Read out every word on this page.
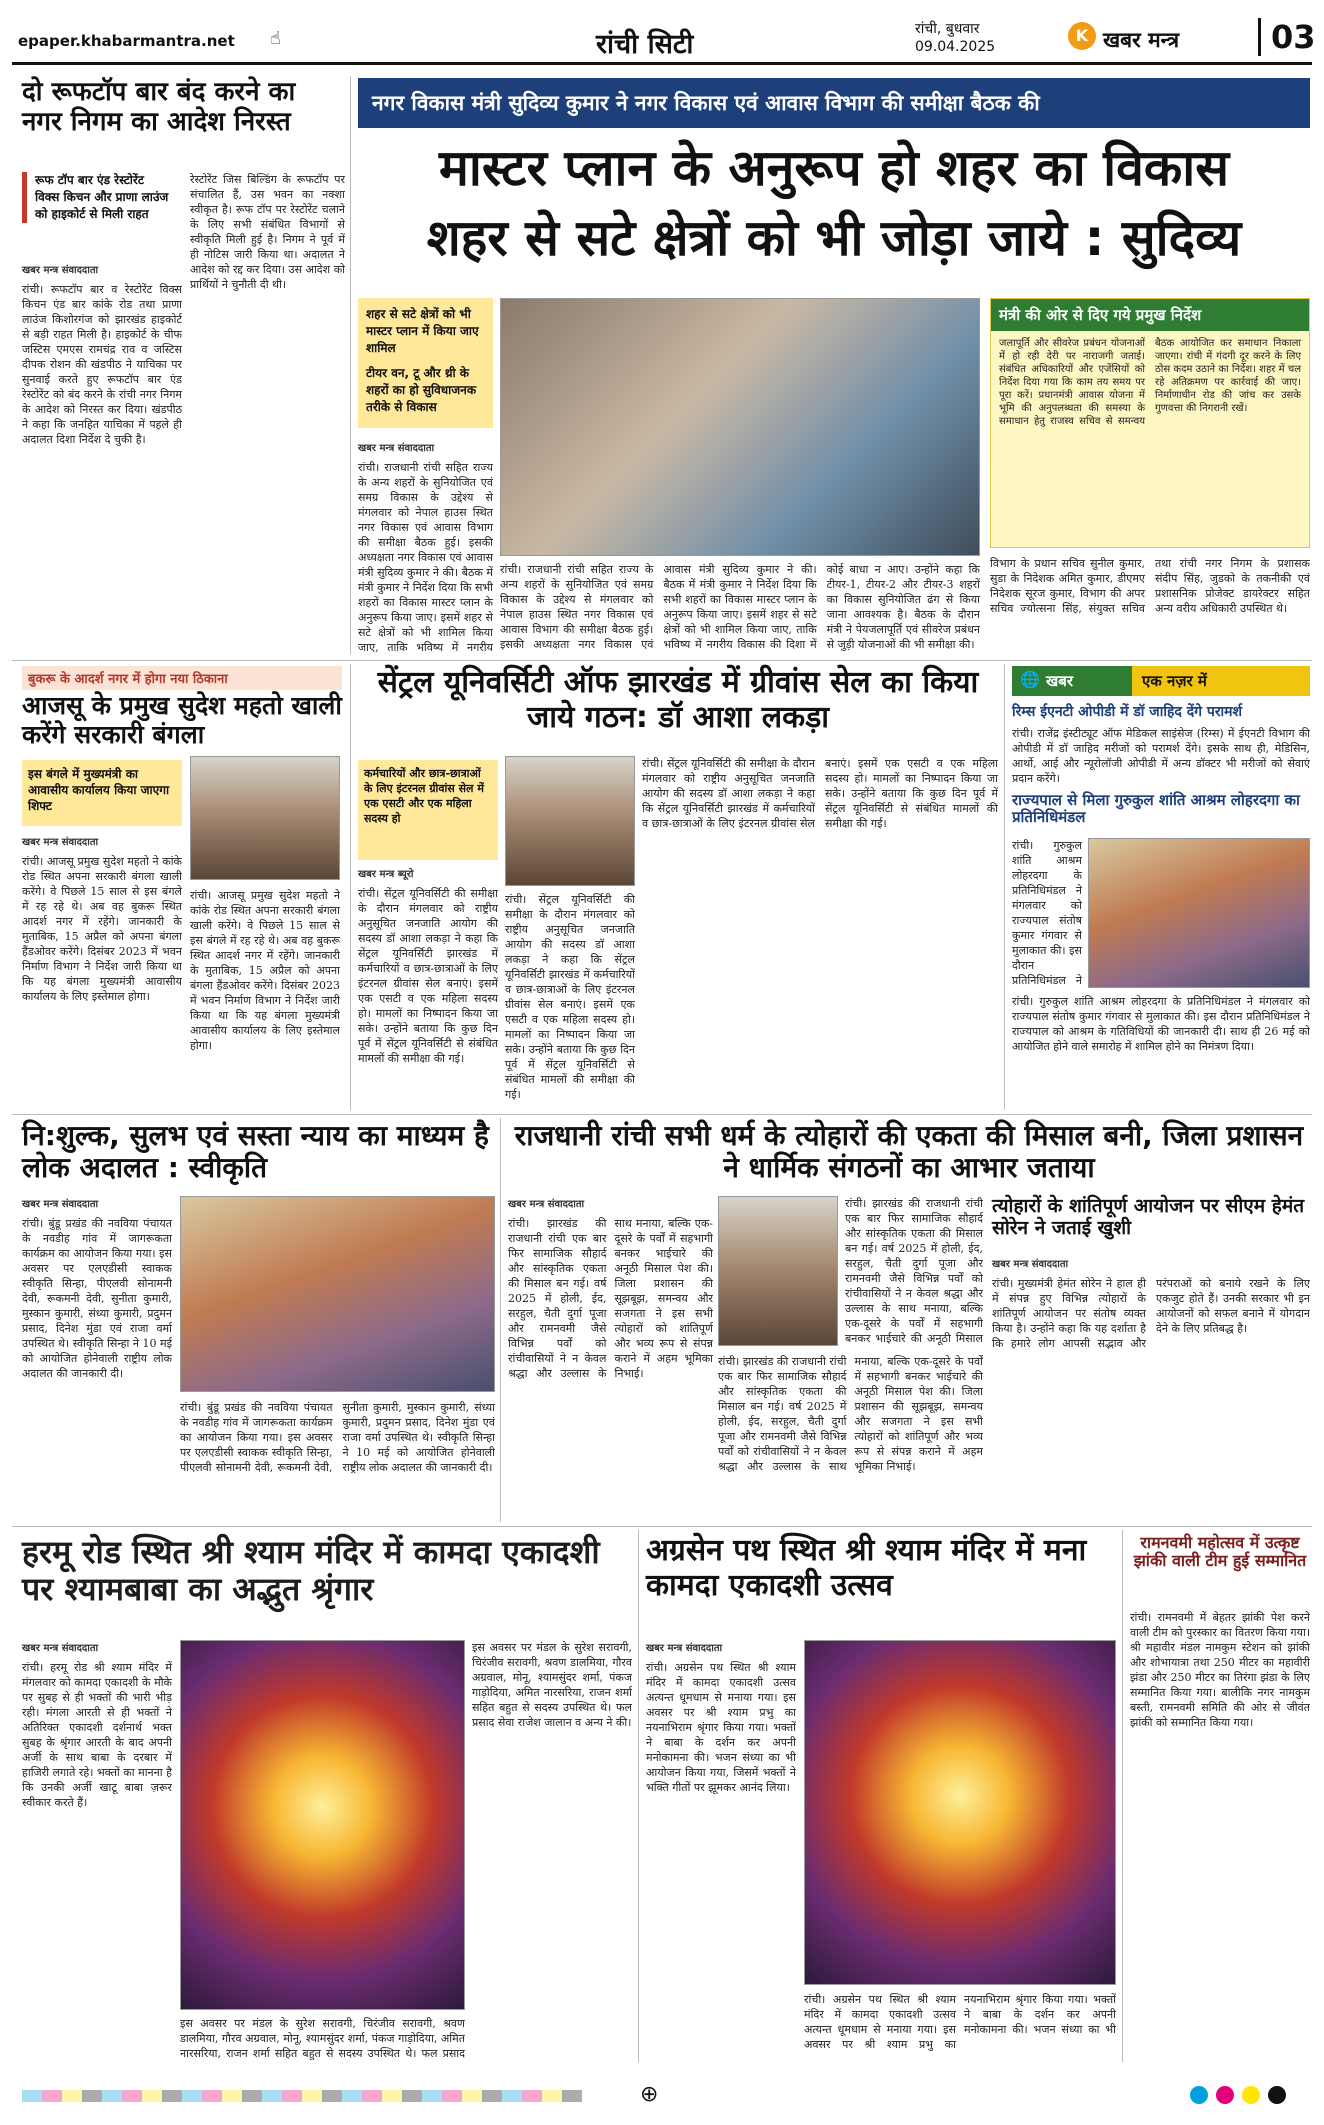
epaper.khabarmantra.net ☝	रांची सिटी	रांची, बुधवार
09.04.2025
K खबर मन्त्र	03
दो रूफटॉप बार बंद करने का नगर निगम का आदेश निरस्त
रूफ टॉप बार एंड रेस्टोरेंट विक्स किचन और प्राणा लाउंज को हाइकोर्ट से मिली राहत
खबर मन्त्र संवाददाता
रांची। रूफटॉप बार व रेस्टोरेंट विक्स किचन एंड बार कांके रोड तथा प्राणा लाउंज किशोरगंज को झारखंड हाइकोर्ट से बड़ी राहत मिली है। हाइकोर्ट के चीफ जस्टिस एमएस रामचंद्र राव व जस्टिस दीपक रोशन की खंडपीठ ने याचिका पर सुनवाई करते हुए रूफटॉप बार एंड रेस्टोरेंट को बंद करने के रांची नगर निगम के आदेश को निरस्त कर दिया। खंडपीठ ने कहा कि जनहित याचिका में पहले ही अदालत दिशा निर्देश दे चुकी है।
रेस्टोरेंट जिस बिल्डिंग के रूफटॉप पर संचालित हैं, उस भवन का नक्शा स्वीकृत है। रूफ टॉप पर रेस्टोरेंट चलाने के लिए सभी संबंधित विभागों से स्वीकृति मिली हुई है। निगम ने पूर्व में ही नोटिस जारी किया था। अदालत ने आदेश को रद्द कर दिया। उस आदेश को प्रार्थियों ने चुनौती दी थी।
नगर विकास मंत्री सुदिव्य कुमार ने नगर विकास एवं आवास विभाग की समीक्षा बैठक की
मास्टर प्लान के अनुरूप हो शहर का विकास
शहर से सटे क्षेत्रों को भी जोड़ा जाये : सुदिव्य
शहर से सटे क्षेत्रों को भी मास्टर प्लान में किया जाए शामिल
टीयर वन, टू और थ्री के शहरों का हो सुविधाजनक तरीके से विकास
खबर मन्त्र संवाददाता
रांची। राजधानी रांची सहित राज्य के अन्य शहरों के सुनियोजित एवं समग्र विकास के उद्देश्य से मंगलवार को नेपाल हाउस स्थित नगर विकास एवं आवास विभाग की समीक्षा बैठक हुई। इसकी अध्यक्षता नगर विकास एवं आवास मंत्री सुदिव्य कुमार ने की। बैठक में मंत्री कुमार ने निर्देश दिया कि सभी शहरों का विकास मास्टर प्लान के अनुरूप किया जाए। इसमें शहर से सटे क्षेत्रों को भी शामिल किया जाए, ताकि भविष्य में नगरीय
रांची। राजधानी रांची सहित राज्य के अन्य शहरों के सुनियोजित एवं समग्र विकास के उद्देश्य से मंगलवार को नेपाल हाउस स्थित नगर विकास एवं आवास विभाग की समीक्षा बैठक हुई। इसकी अध्यक्षता नगर विकास एवं आवास मंत्री सुदिव्य कुमार ने की। बैठक में मंत्री कुमार ने निर्देश दिया कि सभी शहरों का विकास मास्टर प्लान के अनुरूप किया जाए। इसमें शहर से सटे क्षेत्रों को भी शामिल किया जाए, ताकि भविष्य में नगरीय विकास की दिशा में कोई बाधा न आए। उन्होंने कहा कि टीयर-1, टीयर-2 और टीयर-3 शहरों का विकास सुनियोजित ढंग से किया जाना आवश्यक है। बैठक के दौरान मंत्री ने पेयजलापूर्ति एवं सीवरेज प्रबंधन से जुड़ी योजनाओं की भी समीक्षा की।
मंत्री की ओर से दिए गये प्रमुख निर्देश
जलापूर्ति और सीवरेज प्रबंधन योजनाओं में हो रही देरी पर नाराजगी जताई। संबंधित अधिकारियों और एजेंसियों को निर्देश दिया गया कि काम तय समय पर पूरा करें। प्रधानमंत्री आवास योजना में भूमि की अनुपलब्धता की समस्या के समाधान हेतु राजस्व सचिव से समन्वय बैठक आयोजित कर समाधान निकाला जाएगा। रांची में गंदगी दूर करने के लिए ठोस कदम उठाने का निर्देश। शहर में चल रहे अतिक्रमण पर कार्रवाई की जाए। निर्माणाधीन रोड की जांच कर उसके गुणवत्ता की निगरानी रखें।
विभाग के प्रधान सचिव सुनील कुमार, सुडा के निदेशक अमित कुमार, डीएमए निदेशक सूरज कुमार, विभाग की अपर सचिव ज्योत्सना सिंह, संयुक्त सचिव तथा रांची नगर निगम के प्रशासक संदीप सिंह, जुडको के तकनीकी एवं प्रशासनिक प्रोजेक्ट डायरेक्टर सहित अन्य वरीय अधिकारी उपस्थित थे।
बुकरू के आदर्श नगर में होगा नया ठिकाना
आजसू के प्रमुख सुदेश महतो खाली करेंगे सरकारी बंगला
इस बंगले में मुख्यमंत्री का आवासीय कार्यालय किया जाएगा शिफ्ट
खबर मन्त्र संवाददाता
रांची। आजसू प्रमुख सुदेश महतो ने कांके रोड स्थित अपना सरकारी बंगला खाली करेंगे। वे पिछले 15 साल से इस बंगले में रह रहे थे। अब वह बुकरू स्थित आदर्श नगर में रहेंगे। जानकारी के मुताबिक, 15 अप्रैल को अपना बंगला हैंडओवर करेंगे। दिसंबर 2023 में भवन निर्माण विभाग ने निर्देश जारी किया था कि यह बंगला मुख्यमंत्री आवासीय कार्यालय के लिए इस्तेमाल होगा।
रांची। आजसू प्रमुख सुदेश महतो ने कांके रोड स्थित अपना सरकारी बंगला खाली करेंगे। वे पिछले 15 साल से इस बंगले में रह रहे थे। अब वह बुकरू स्थित आदर्श नगर में रहेंगे। जानकारी के मुताबिक, 15 अप्रैल को अपना बंगला हैंडओवर करेंगे। दिसंबर 2023 में भवन निर्माण विभाग ने निर्देश जारी किया था कि यह बंगला मुख्यमंत्री आवासीय कार्यालय के लिए इस्तेमाल होगा।
सेंट्रल यूनिवर्सिटी ऑफ झारखंड में ग्रीवांस सेल का किया जाये गठन: डॉ आशा लकड़ा
कर्मचारियों और छात्र-छात्राओं के लिए इंटरनल ग्रीवांस सेल में एक एसटी और एक महिला सदस्य हो
खबर मन्त्र ब्यूरो
रांची। सेंट्रल यूनिवर्सिटी की समीक्षा के दौरान मंगलवार को राष्ट्रीय अनुसूचित जनजाति आयोग की सदस्य डॉ आशा लकड़ा ने कहा कि सेंट्रल यूनिवर्सिटी झारखंड में कर्मचारियों व छात्र-छात्राओं के लिए इंटरनल ग्रीवांस सेल बनाएं। इसमें एक एसटी व एक महिला सदस्य हो। मामलों का निष्पादन किया जा सके। उन्होंने बताया कि कुछ दिन पूर्व में सेंट्रल यूनिवर्सिटी से संबंधित मामलों की समीक्षा की गई।
रांची। सेंट्रल यूनिवर्सिटी की समीक्षा के दौरान मंगलवार को राष्ट्रीय अनुसूचित जनजाति आयोग की सदस्य डॉ आशा लकड़ा ने कहा कि सेंट्रल यूनिवर्सिटी झारखंड में कर्मचारियों व छात्र-छात्राओं के लिए इंटरनल ग्रीवांस सेल बनाएं। इसमें एक एसटी व एक महिला सदस्य हो। मामलों का निष्पादन किया जा सके। उन्होंने बताया कि कुछ दिन पूर्व में सेंट्रल यूनिवर्सिटी से संबंधित मामलों की समीक्षा की गई।
रांची। सेंट्रल यूनिवर्सिटी की समीक्षा के दौरान मंगलवार को राष्ट्रीय अनुसूचित जनजाति आयोग की सदस्य डॉ आशा लकड़ा ने कहा कि सेंट्रल यूनिवर्सिटी झारखंड में कर्मचारियों व छात्र-छात्राओं के लिए इंटरनल ग्रीवांस सेल बनाएं। इसमें एक एसटी व एक महिला सदस्य हो। मामलों का निष्पादन किया जा सके। उन्होंने बताया कि कुछ दिन पूर्व में सेंट्रल यूनिवर्सिटी से संबंधित मामलों की समीक्षा की गई।
🌐 खबर	एक नज़र में
रिम्स ईएनटी ओपीडी में डॉ जाहिद देंगे परामर्श
रांची। राजेंद्र इंस्टीट्यूट ऑफ मेडिकल साइंसेज (रिम्स) में ईएनटी विभाग की ओपीडी में डॉ जाहिद मरीजों को परामर्श देंगे। इसके साथ ही, मेडिसिन, आर्थो, आई और न्यूरोलॉजी ओपीडी में अन्य डॉक्टर भी मरीजों को सेवाएं प्रदान करेंगे।
राज्यपाल से मिला गुरुकुल शांति आश्रम लोहरदगा का प्रतिनिधिमंडल
रांची। गुरुकुल शांति आश्रम लोहरदगा के प्रतिनिधिमंडल ने मंगलवार को राज्यपाल संतोष कुमार गंगवार से मुलाकात की। इस दौरान प्रतिनिधिमंडल ने
रांची। गुरुकुल शांति आश्रम लोहरदगा के प्रतिनिधिमंडल ने मंगलवार को राज्यपाल संतोष कुमार गंगवार से मुलाकात की। इस दौरान प्रतिनिधिमंडल ने राज्यपाल को आश्रम के गतिविधियों की जानकारी दी। साथ ही 26 मई को आयोजित होने वाले समारोह में शामिल होने का निमंत्रण दिया।
नि:शुल्क, सुलभ एवं सस्ता न्याय का माध्यम है लोक अदालत : स्वीकृति
खबर मन्त्र संवाददाता
रांची। बुंडू प्रखंड की नवविया पंचायत के नवडीह गांव में जागरूकता कार्यक्रम का आयोजन किया गया। इस अवसर पर एलएडीसी स्वाकक स्वीकृति सिन्हा, पीएलवी सोनामनी देवी, रूकमनी देवी, सुनीता कुमारी, मुस्कान कुमारी, संध्या कुमारी, प्रदुमन प्रसाद, दिनेश मुंडा एवं राजा वर्मा उपस्थित थे। स्वीकृति सिन्हा ने 10 मई को आयोजित होनेवाली राष्ट्रीय लोक अदालत की जानकारी दी।
रांची। बुंडू प्रखंड की नवविया पंचायत के नवडीह गांव में जागरूकता कार्यक्रम का आयोजन किया गया। इस अवसर पर एलएडीसी स्वाकक स्वीकृति सिन्हा, पीएलवी सोनामनी देवी, रूकमनी देवी, सुनीता कुमारी, मुस्कान कुमारी, संध्या कुमारी, प्रदुमन प्रसाद, दिनेश मुंडा एवं राजा वर्मा उपस्थित थे। स्वीकृति सिन्हा ने 10 मई को आयोजित होनेवाली राष्ट्रीय लोक अदालत की जानकारी दी।
राजधानी रांची सभी धर्म के त्योहारों की एकता की मिसाल बनी, जिला प्रशासन ने धार्मिक संगठनों का आभार जताया
खबर मन्त्र संवाददाता
रांची। झारखंड की राजधानी रांची एक बार फिर सामाजिक सौहार्द और सांस्कृतिक एकता की मिसाल बन गई। वर्ष 2025 में होली, ईद, सरहुल, चैती दुर्गा पूजा और रामनवमी जैसे विभिन्न पर्वों को रांचीवासियों ने न केवल श्रद्धा और उल्लास के साथ मनाया, बल्कि एक-दूसरे के पर्वों में सहभागी बनकर भाईचारे की अनूठी मिसाल पेश की। जिला प्रशासन की सूझबूझ, समन्वय और सजगता ने इस सभी त्योहारों को शांतिपूर्ण और भव्य रूप से संपन्न कराने में अहम भूमिका निभाई।
रांची। झारखंड की राजधानी रांची एक बार फिर सामाजिक सौहार्द और सांस्कृतिक एकता की मिसाल बन गई। वर्ष 2025 में होली, ईद, सरहुल, चैती दुर्गा पूजा और रामनवमी जैसे विभिन्न पर्वों को रांचीवासियों ने न केवल श्रद्धा और उल्लास के साथ मनाया, बल्कि एक-दूसरे के पर्वों में सहभागी बनकर भाईचारे की अनूठी मिसाल पेश की। जिला प्रशासन की सूझबूझ, समन्वय और सजगता ने इस सभी त्योहारों को शांतिपूर्ण और भव्य रूप से संपन्न कराने में अहम भूमिका निभाई।
रांची। झारखंड की राजधानी रांची एक बार फिर सामाजिक सौहार्द और सांस्कृतिक एकता की मिसाल बन गई। वर्ष 2025 में होली, ईद, सरहुल, चैती दुर्गा पूजा और रामनवमी जैसे विभिन्न पर्वों को रांचीवासियों ने न केवल श्रद्धा और उल्लास के साथ मनाया, बल्कि एक-दूसरे के पर्वों में सहभागी बनकर भाईचारे की अनूठी मिसाल
त्योहारों के शांतिपूर्ण आयोजन पर सीएम हेमंत सोरेन ने जताई खुशी
खबर मन्त्र संवाददाता
रांची। मुख्यमंत्री हेमंत सोरेन ने हाल ही में संपन्न हुए विभिन्न त्योहारों के शांतिपूर्ण आयोजन पर संतोष व्यक्त किया है। उन्होंने कहा कि यह दर्शाता है कि हमारे लोग आपसी सद्भाव और परंपराओं को बनाये रखने के लिए एकजुट होते हैं। उनकी सरकार भी इन आयोजनों को सफल बनाने में योगदान देने के लिए प्रतिबद्ध है।
हरमू रोड स्थित श्री श्याम मंदिर में कामदा एकादशी पर श्यामबाबा का अद्भुत श्रृंगार
खबर मन्त्र संवाददाता
रांची। हरमू रोड श्री श्याम मंदिर में मंगलवार को कामदा एकादशी के मौके पर सुबह से ही भक्तों की भारी भीड़ रही। मंगला आरती से ही भक्तों ने अतिरिक्त एकादशी दर्शनार्थ भक्त सुबह के श्रृंगार आरती के बाद अपनी अर्जी के साथ बाबा के दरबार में हाजिरी लगाते रहे। भक्तों का मानना है कि उनकी अर्जी खाटू बाबा ज़रूर स्वीकार करते हैं।
इस अवसर पर मंडल के सुरेश सरावगी, चिरंजीव सरावगी, श्रवण डालमिया, गौरव अग्रवाल, मोनू, श्यामसुंदर शर्मा, पंकज गाड़ोदिया, अमित नारसरिया, राजन शर्मा सहित बहुत से सदस्य उपस्थित थे। फल प्रसाद सेवा राजेश जालान व अन्य ने की।
इस अवसर पर मंडल के सुरेश सरावगी, चिरंजीव सरावगी, श्रवण डालमिया, गौरव अग्रवाल, मोनू, श्यामसुंदर शर्मा, पंकज गाड़ोदिया, अमित नारसरिया, राजन शर्मा सहित बहुत से सदस्य उपस्थित थे। फल प्रसाद
अग्रसेन पथ स्थित श्री श्याम मंदिर में मना कामदा एकादशी उत्सव
खबर मन्त्र संवाददाता
रांची। अग्रसेन पथ स्थित श्री श्याम मंदिर में कामदा एकादशी उत्सव अत्यन्त धूमधाम से मनाया गया। इस अवसर पर श्री श्याम प्रभु का नयनाभिराम श्रृंगार किया गया। भक्तों ने बाबा के दर्शन कर अपनी मनोकामना की। भजन संध्या का भी आयोजन किया गया, जिसमें भक्तों ने भक्ति गीतों पर झूमकर आनंद लिया।
रांची। अग्रसेन पथ स्थित श्री श्याम मंदिर में कामदा एकादशी उत्सव अत्यन्त धूमधाम से मनाया गया। इस अवसर पर श्री श्याम प्रभु का नयनाभिराम श्रृंगार किया गया। भक्तों ने बाबा के दर्शन कर अपनी मनोकामना की। भजन संध्या का भी
रामनवमी महोत्सव में उत्कृष्ट झांकी वाली टीम हुई सम्मानित
रांची। रामनवमी में बेहतर झांकी पेश करने वाली टीम को पुरस्कार का वितरण किया गया। श्री महावीर मंडल नामकुम स्टेशन को झांकी और शोभायात्रा तथा 250 मीटर का महावीरी झंडा और 250 मीटर का तिरंगा झंडा के लिए सम्मानित किया गया। बालीकि नगर नामकुम बस्ती, रामनवमी समिति की ओर से जीवंत झांकी को सम्मानित किया गया।
⊕
